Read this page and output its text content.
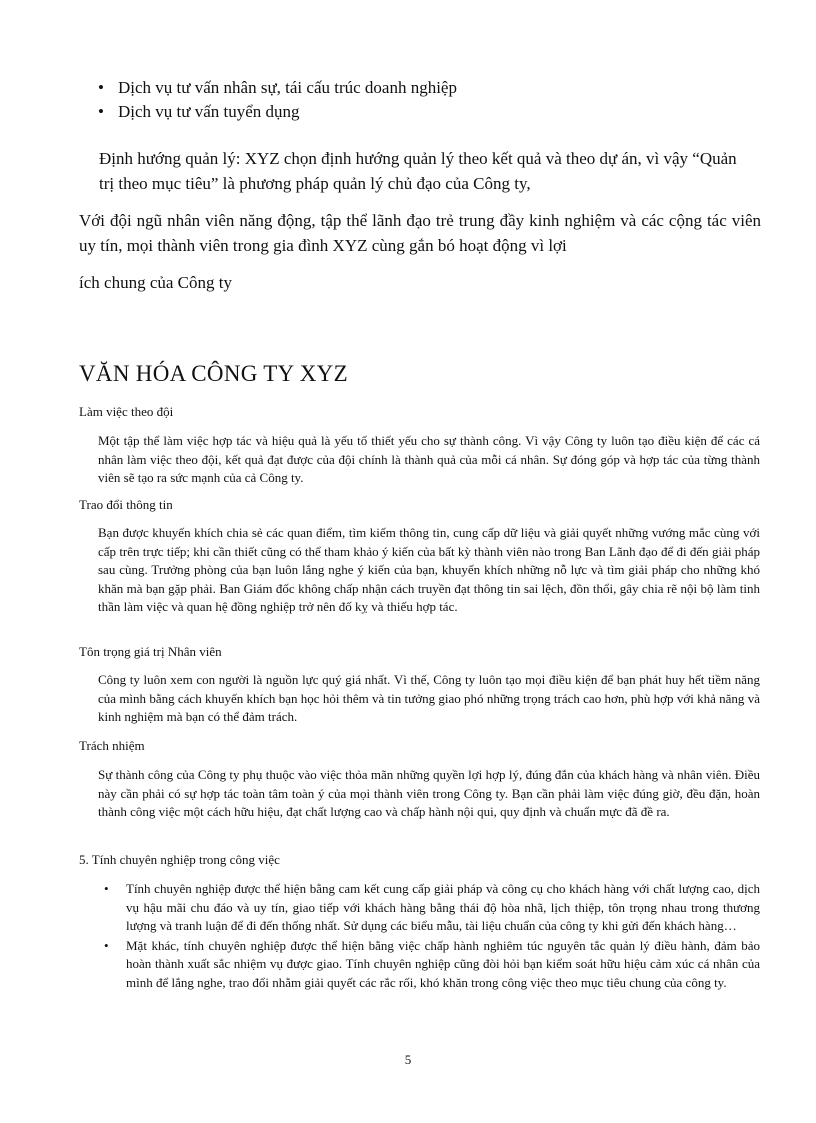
• Dịch vụ tư vấn nhân sự, tái cấu trúc doanh nghiệp
• Dịch vụ tư vấn tuyển dụng

Định hướng quản lý: XYZ chọn định hướng quản lý theo kết quả và theo dự án, vì vậy “Quản trị theo mục tiêu” là phương pháp quản lý chủ đạo của Công ty,

Với đội ngũ nhân viên năng động, tập thể lãnh đạo trẻ trung đầy kinh nghiệm và các cộng tác viên uy tín, mọi thành viên trong gia đình XYZ cùng gắn bó hoạt động vì lợi

ích chung của Công ty

VĂN HÓA CÔNG TY XYZ

Làm việc theo đội

Một tập thể làm việc hợp tác và hiệu quả là yếu tố thiết yếu cho sự thành công. Vì vậy Công ty luôn tạo điều kiện để các cá nhân làm việc theo đội, kết quả đạt được của đội chính là thành quả của mỗi cá nhân. Sự đóng góp và hợp tác của từng thành viên sẽ tạo ra sức mạnh của cả Công ty.

Trao đổi thông tin

Bạn được khuyến khích chia sẻ các quan điểm, tìm kiếm thông tin, cung cấp dữ liệu và giải quyết những vướng mắc cùng với cấp trên trực tiếp; khi cần thiết cũng có thể tham khảo ý kiến của bất kỳ thành viên nào trong Ban Lãnh đạo để đi đến giải pháp sau cùng. Trưởng phòng của bạn luôn lắng nghe ý kiến của bạn, khuyến khích những nỗ lực và tìm giải pháp cho những khó khăn mà bạn gặp phải. Ban Giám đốc không chấp nhận cách truyền đạt thông tin sai lệch, đồn thổi, gây chia rẽ nội bộ làm tinh thần làm việc và quan hệ đồng nghiệp trở nên đố kỵ và thiếu hợp tác.

Tôn trọng giá trị Nhân viên

Công ty luôn xem con người là nguồn lực quý giá nhất. Vì thế, Công ty luôn tạo mọi điều kiện để bạn phát huy hết tiềm năng của mình bằng cách khuyến khích bạn học hỏi thêm và tin tưởng giao phó những trọng trách cao hơn, phù hợp với khả năng và kinh nghiệm mà bạn có thể đảm trách.

Trách nhiệm

Sự thành công của Công ty phụ thuộc vào việc thỏa mãn những quyền lợi hợp lý, đúng đắn của khách hàng và nhân viên. Điều này cần phải có sự hợp tác toàn tâm toàn ý của mọi thành viên trong Công ty. Bạn cần phải làm việc đúng giờ, đều đặn, hoàn thành công việc một cách hữu hiệu, đạt chất lượng cao và chấp hành nội qui, quy định và chuẩn mực đã đề ra.

5. Tính chuyên nghiệp trong công việc

• Tính chuyên nghiệp được thể hiện bằng cam kết cung cấp giải pháp và công cụ cho khách hàng với chất lượng cao, dịch vụ hậu mãi chu đáo và uy tín, giao tiếp với khách hàng bằng thái độ hòa nhã, lịch thiệp, tôn trọng nhau trong thương lượng và tranh luận để đi đến thống nhất. Sử dụng các biểu mẫu, tài liệu chuẩn của công ty khi gửi đến khách hàng…
• Mặt khác, tính chuyên nghiệp được thể hiện bằng việc chấp hành nghiêm túc nguyên tắc quản lý điều hành, đảm bảo hoàn thành xuất sắc nhiệm vụ được giao. Tính chuyên nghiệp cũng đòi hỏi bạn kiểm soát hữu hiệu cảm xúc cá nhân của mình để lắng nghe, trao đổi nhằm giải quyết các rắc rối, khó khăn trong công việc theo mục tiêu chung của công ty.

5
